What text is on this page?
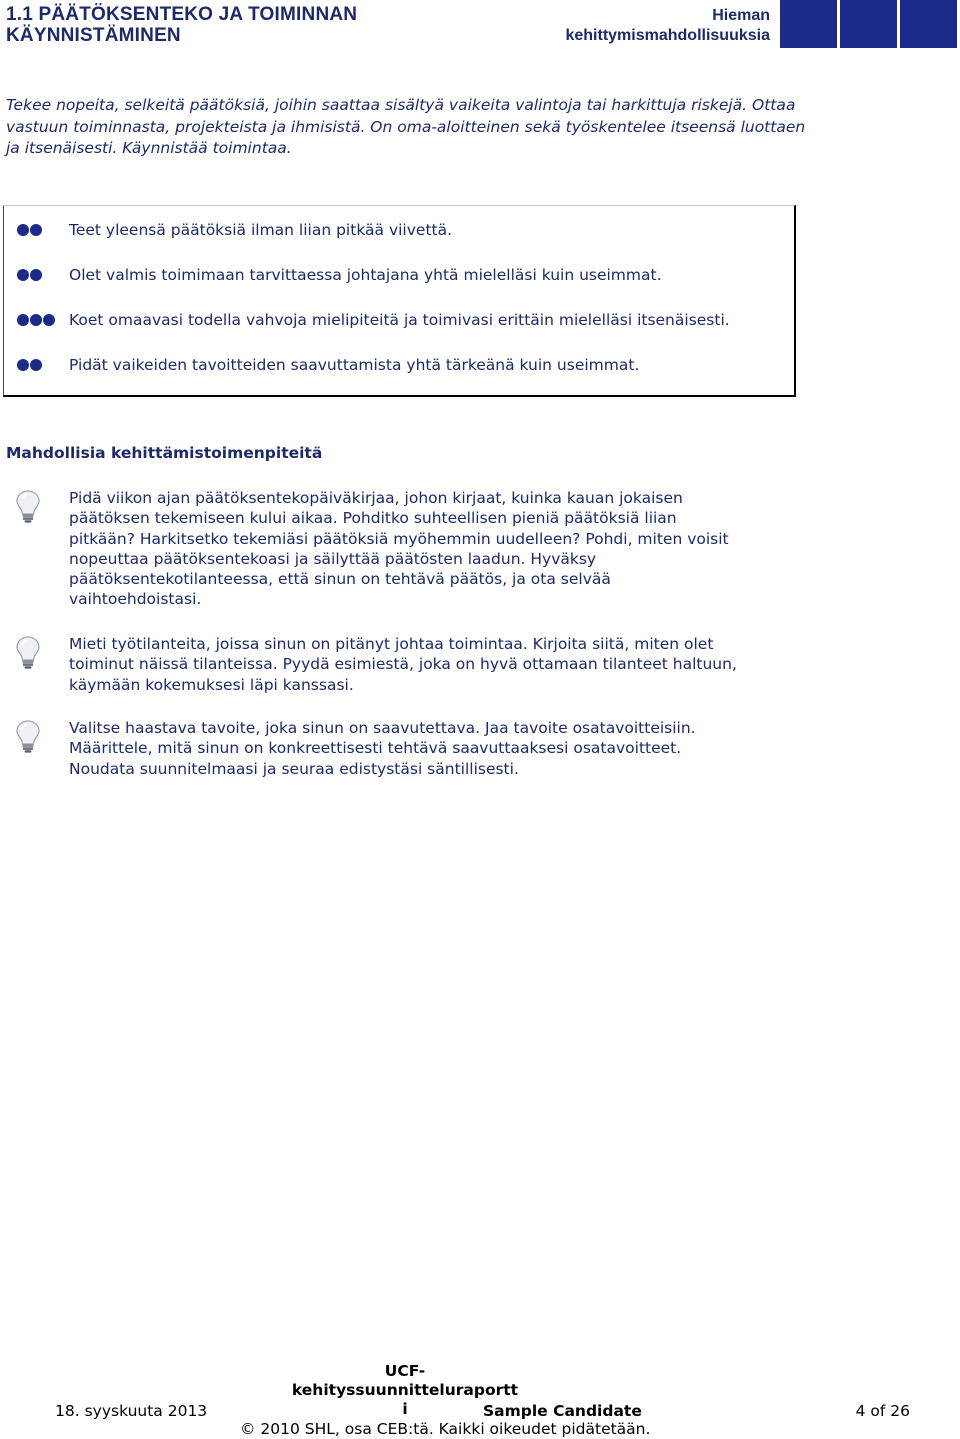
1.1 PÄÄTÖKSENTEKO JA TOIMINNAN
KÄYNNISTÄMINEN
Hieman
kehittymismahdollisuuksia
Tekee nopeita, selkeitä päätöksiä, joihin saattaa sisältyä vaikeita valintoja tai harkittuja riskejä. Ottaa
vastuun toiminnasta, projekteista ja ihmisistä. On oma-aloitteinen sekä työskentelee itseensä luottaen
ja itsenäisesti. Käynnistää toimintaa.
Teet yleensä päätöksiä ilman liian pitkää viivettä.
Olet valmis toimimaan tarvittaessa johtajana yhtä mielelläsi kuin useimmat.
Koet omaavasi todella vahvoja mielipiteitä ja toimivasi erittäin mielelläsi itsenäisesti.
Pidät vaikeiden tavoitteiden saavuttamista yhtä tärkeänä kuin useimmat.
Mahdollisia kehittämistoimenpiteitä
Pidä viikon ajan päätöksentekopäiväkirjaa, johon kirjaat, kuinka kauan jokaisen
päätöksen tekemiseen kului aikaa. Pohditko suhteellisen pieniä päätöksiä liian
pitkään? Harkitsetko tekemiäsi päätöksiä myöhemmin uudelleen? Pohdi, miten voisit
nopeuttaa päätöksentekoasi ja säilyttää päätösten laadun. Hyväksy
päätöksentekotilanteessa, että sinun on tehtävä päätös, ja ota selvää
vaihtoehdoistasi.
Mieti työtilanteita, joissa sinun on pitänyt johtaa toimintaa. Kirjoita siitä, miten olet
toiminut näissä tilanteissa. Pyydä esimiestä, joka on hyvä ottamaan tilanteet haltuun,
käymään kokemuksesi läpi kanssasi.
Valitse haastava tavoite, joka sinun on saavutettava. Jaa tavoite osatavoitteisiin.
Määrittele, mitä sinun on konkreettisesti tehtävä saavuttaaksesi osatavoitteet.
Noudata suunnitelmaasi ja seuraa edistystäsi säntillisesti.
18. syyskuuta 2013
UCF-
kehityssuunnitteluraportt
i	Sample Candidate	4 of 26
© 2010 SHL, osa CEB:tä. Kaikki oikeudet pidätetään.
